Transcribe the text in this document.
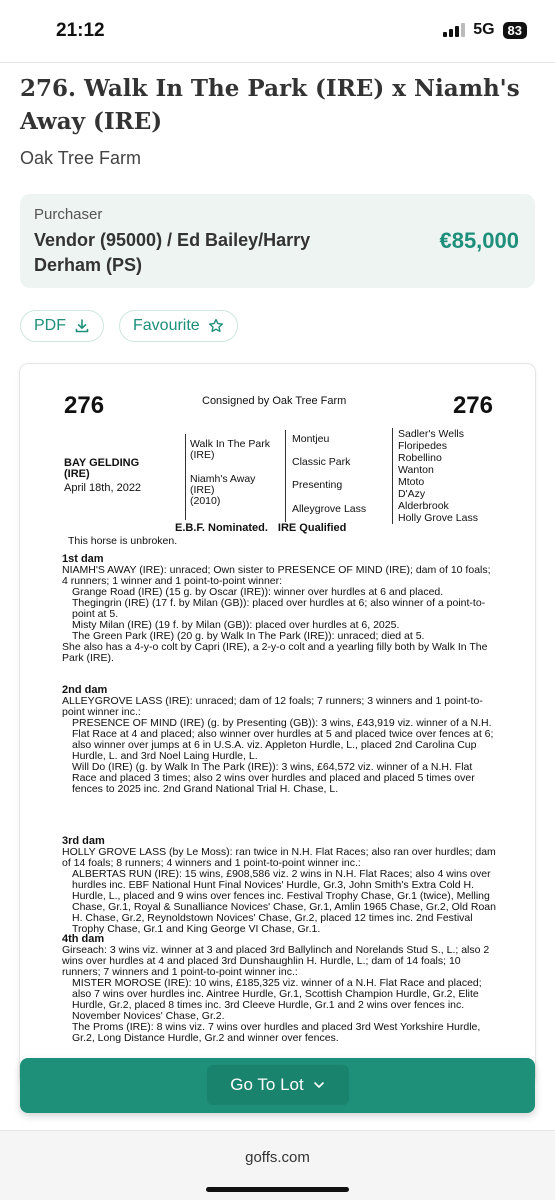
21:12	5G	83
276. Walk In The Park (IRE) x Niamh's Away (IRE)
Oak Tree Farm
Purchaser
Vendor (95000) / Ed Bailey/Harry Derham (PS)
€85,000
PDF	Favourite
276	Consigned by Oak Tree Farm	276
BAY GELDING
(IRE)
April 18th, 2022
Walk In The Park
(IRE)
Niamh's Away
(IRE)
(2010)
Montjeu
Classic Park
Presenting
Alleygrove Lass
Sadler's Wells
Floripedes
Robellino
Wanton
Mtoto
D'Azy
Alderbrook
Holly Grove Lass
E.B.F. Nominated. IRE Qualified
This horse is unbroken.
1st dam

NIAMH'S AWAY (IRE): unraced; Own sister to PRESENCE OF MIND (IRE); dam of 10 foals; 4 runners; 1 winner and 1 point-to-point winner:

Grange Road (IRE) (15 g. by Oscar (IRE)): winner over hurdles at 6 and placed.

Thegingrin (IRE) (17 f. by Milan (GB)): placed over hurdles at 6; also winner of a point-to-point at 5.

Misty Milan (IRE) (19 f. by Milan (GB)): placed over hurdles at 6, 2025.

The Green Park (IRE) (20 g. by Walk In The Park (IRE)): unraced; died at 5.

She also has a 4-y-o colt by Capri (IRE), a 2-y-o colt and a yearling filly both by Walk In The Park (IRE).

2nd dam

ALLEYGROVE LASS (IRE): unraced; dam of 12 foals; 7 runners; 3 winners and 1 point-to-point winner inc.:

PRESENCE OF MIND (IRE) (g. by Presenting (GB)): 3 wins, £43,919 viz. winner of a N.H. Flat Race at 4 and placed; also winner over hurdles at 5 and placed twice over fences at 6; also winner over jumps at 6 in U.S.A. viz. Appleton Hurdle, L., placed 2nd Carolina Cup Hurdle, L. and 3rd Noel Laing Hurdle, L.

Will Do (IRE) (g. by Walk In The Park (IRE)): 3 wins, £64,572 viz. winner of a N.H. Flat Race and placed 3 times; also 2 wins over hurdles and placed and placed 5 times over fences to 2025 inc. 2nd Grand National Trial H. Chase, L.

3rd dam

HOLLY GROVE LASS (by Le Moss): ran twice in N.H. Flat Races; also ran over hurdles; dam of 14 foals; 8 runners; 4 winners and 1 point-to-point winner inc.:

ALBERTAS RUN (IRE): 15 wins, £908,586 viz. 2 wins in N.H. Flat Races; also 4 wins over hurdles inc. EBF National Hunt Final Novices' Hurdle, Gr.3, John Smith's Extra Cold H. Hurdle, L., placed and 9 wins over fences inc. Festival Trophy Chase, Gr.1 (twice), Melling Chase, Gr.1, Royal & Sunalliance Novices' Chase, Gr.1, Amlin 1965 Chase, Gr.2, Old Roan H. Chase, Gr.2, Reynoldstown Novices' Chase, Gr.2, placed 12 times inc. 2nd Festival Trophy Chase, Gr.1 and King George VI Chase, Gr.1.

4th dam

Girseach: 3 wins viz. winner at 3 and placed 3rd Ballylinch and Norelands Stud S., L.; also 2 wins over hurdles at 4 and placed 3rd Dunshaughlin H. Hurdle, L.; dam of 14 foals; 10 runners; 7 winners and 1 point-to-point winner inc.:

MISTER MOROSE (IRE): 10 wins, £185,325 viz. winner of a N.H. Flat Race and placed; also 7 wins over hurdles inc. Aintree Hurdle, Gr.1, Scottish Champion Hurdle, Gr.2, Elite Hurdle, Gr.2, placed 8 times inc. 3rd Cleeve Hurdle, Gr.1 and 2 wins over fences inc. November Novices' Chase, Gr.2.

The Proms (IRE): 8 wins viz. 7 wins over hurdles and placed 3rd West Yorkshire Hurdle, Gr.2, Long Distance Hurdle, Gr.2 and winner over fences.

Go To Lot
goffs.com
